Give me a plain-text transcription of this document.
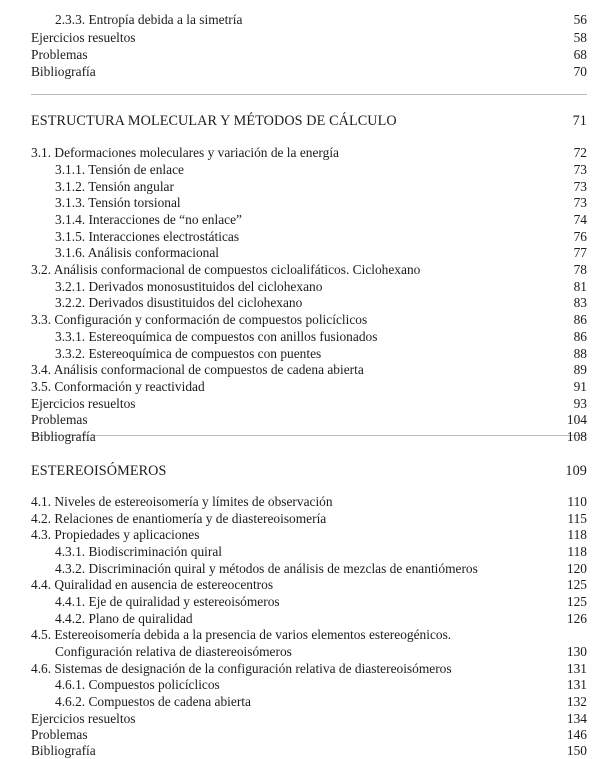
2.3.3. Entropía debida a la simetría	56
Ejercicios resueltos	58
Problemas	68
Bibliografía	70
ESTRUCTURA MOLECULAR Y MÉTODOS DE CÁLCULO	71
3.1. Deformaciones moleculares y variación de la energía	72
3.1.1. Tensión de enlace	73
3.1.2. Tensión angular	73
3.1.3. Tensión torsional	73
3.1.4. Interacciones de “no enlace”	74
3.1.5. Interacciones electrostáticas	76
3.1.6. Análisis conformacional	77
3.2. Análisis conformacional de compuestos cicloalifáticos. Ciclohexano	78
3.2.1. Derivados monosustituidos del ciclohexano	81
3.2.2. Derivados disustituidos del ciclohexano	83
3.3. Configuración y conformación de compuestos policíclicos	86
3.3.1. Estereoquímica de compuestos con anillos fusionados	86
3.3.2. Estereoquímica de compuestos con puentes	88
3.4. Análisis conformacional de compuestos de cadena abierta	89
3.5. Conformación y reactividad	91
Ejercicios resueltos	93
Problemas	104
Bibliografía	108
ESTEREOISÓMEROS	109
4.1. Niveles de estereoisomería y límites de observación	110
4.2. Relaciones de enantiomería y de diastereoisomería	115
4.3. Propiedades y aplicaciones	118
4.3.1. Biodiscriminación quiral	118
4.3.2. Discriminación quiral y métodos de análisis de mezclas de enantiómeros	120
4.4. Quiralidad en ausencia de estereocentros	125
4.4.1. Eje de quiralidad y estereoisómeros	125
4.4.2. Plano de quiralidad	126
4.5. Estereoisomería debida a la presencia de varios elementos estereogénicos.
Configuración relativa de diastereoisómeros	130
4.6. Sistemas de designación de la configuración relativa de diastereoisómeros	131
4.6.1. Compuestos policíclicos	131
4.6.2. Compuestos de cadena abierta	132
Ejercicios resueltos	134
Problemas	146
Bibliografía	150
